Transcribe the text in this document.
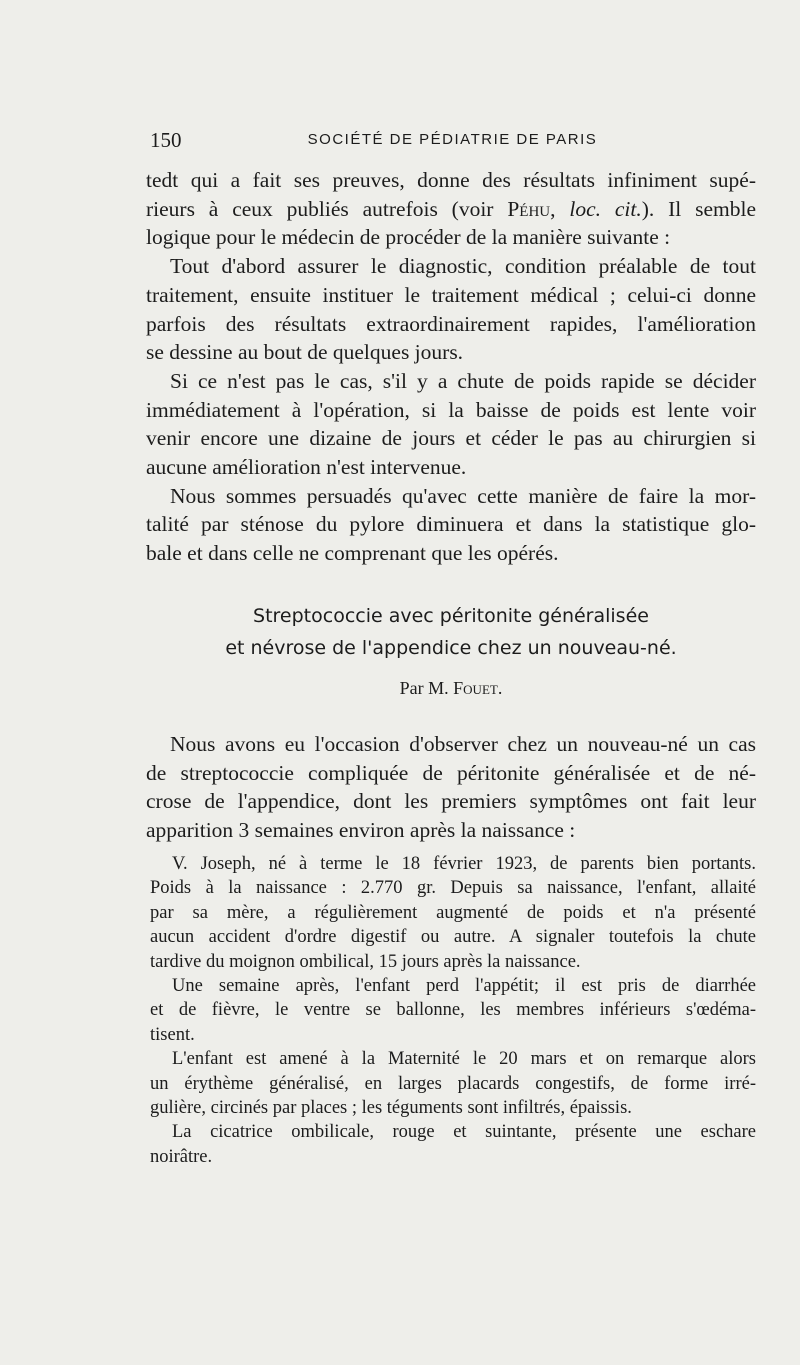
150	SOCIÉTÉ DE PÉDIATRIE DE PARIS

tedt qui a fait ses preuves, donne des résultats infiniment supé-
rieurs à ceux publiés autrefois (voir Péhu, loc. cit.). Il semble
logique pour le médecin de procéder de la manière suivante :

Tout d'abord assurer le diagnostic, condition préalable de tout
traitement, ensuite instituer le traitement médical ; celui-ci donne
parfois des résultats extraordinairement rapides, l'amélioration
se dessine au bout de quelques jours.

Si ce n'est pas le cas, s'il y a chute de poids rapide se décider
immédiatement à l'opération, si la baisse de poids est lente voir
venir encore une dizaine de jours et céder le pas au chirurgien si
aucune amélioration n'est intervenue.

Nous sommes persuadés qu'avec cette manière de faire la mor-
talité par sténose du pylore diminuera et dans la statistique glo-
bale et dans celle ne comprenant que les opérés.

Streptococcie avec péritonite généralisée
et névrose de l'appendice chez un nouveau-né.
Par M. Fouet.

Nous avons eu l'occasion d'observer chez un nouveau-né un cas
de streptococcie compliquée de péritonite généralisée et de né-
crose de l'appendice, dont les premiers symptômes ont fait leur
apparition 3 semaines environ après la naissance :

V. Joseph, né à terme le 18 février 1923, de parents bien portants.
Poids à la naissance : 2.770 gr. Depuis sa naissance, l'enfant, allaité
par sa mère, a régulièrement augmenté de poids et n'a présenté
aucun accident d'ordre digestif ou autre. A signaler toutefois la chute
tardive du moignon ombilical, 15 jours après la naissance.

Une semaine après, l'enfant perd l'appétit; il est pris de diarrhée
et de fièvre, le ventre se ballonne, les membres inférieurs s'œdéma-
tisent.

L'enfant est amené à la Maternité le 20 mars et on remarque alors
un érythème généralisé, en larges placards congestifs, de forme irré-
gulière, circinés par places ; les téguments sont infiltrés, épaissis.

La cicatrice ombilicale, rouge et suintante, présente une eschare
noirâtre.
